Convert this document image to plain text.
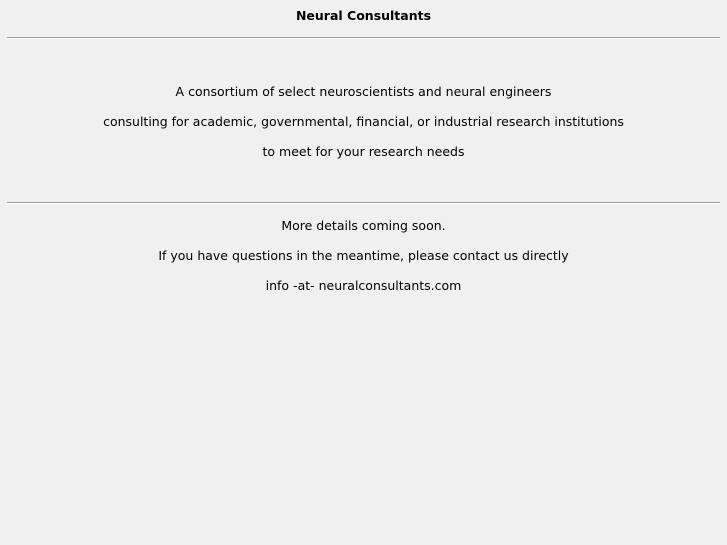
Neural Consultants
A consortium of select neuroscientists and neural engineers
consulting for academic, governmental, financial, or industrial research institutions
to meet for your research needs
More details coming soon.
If you have questions in the meantime, please contact us directly
info -at- neuralconsultants.com
